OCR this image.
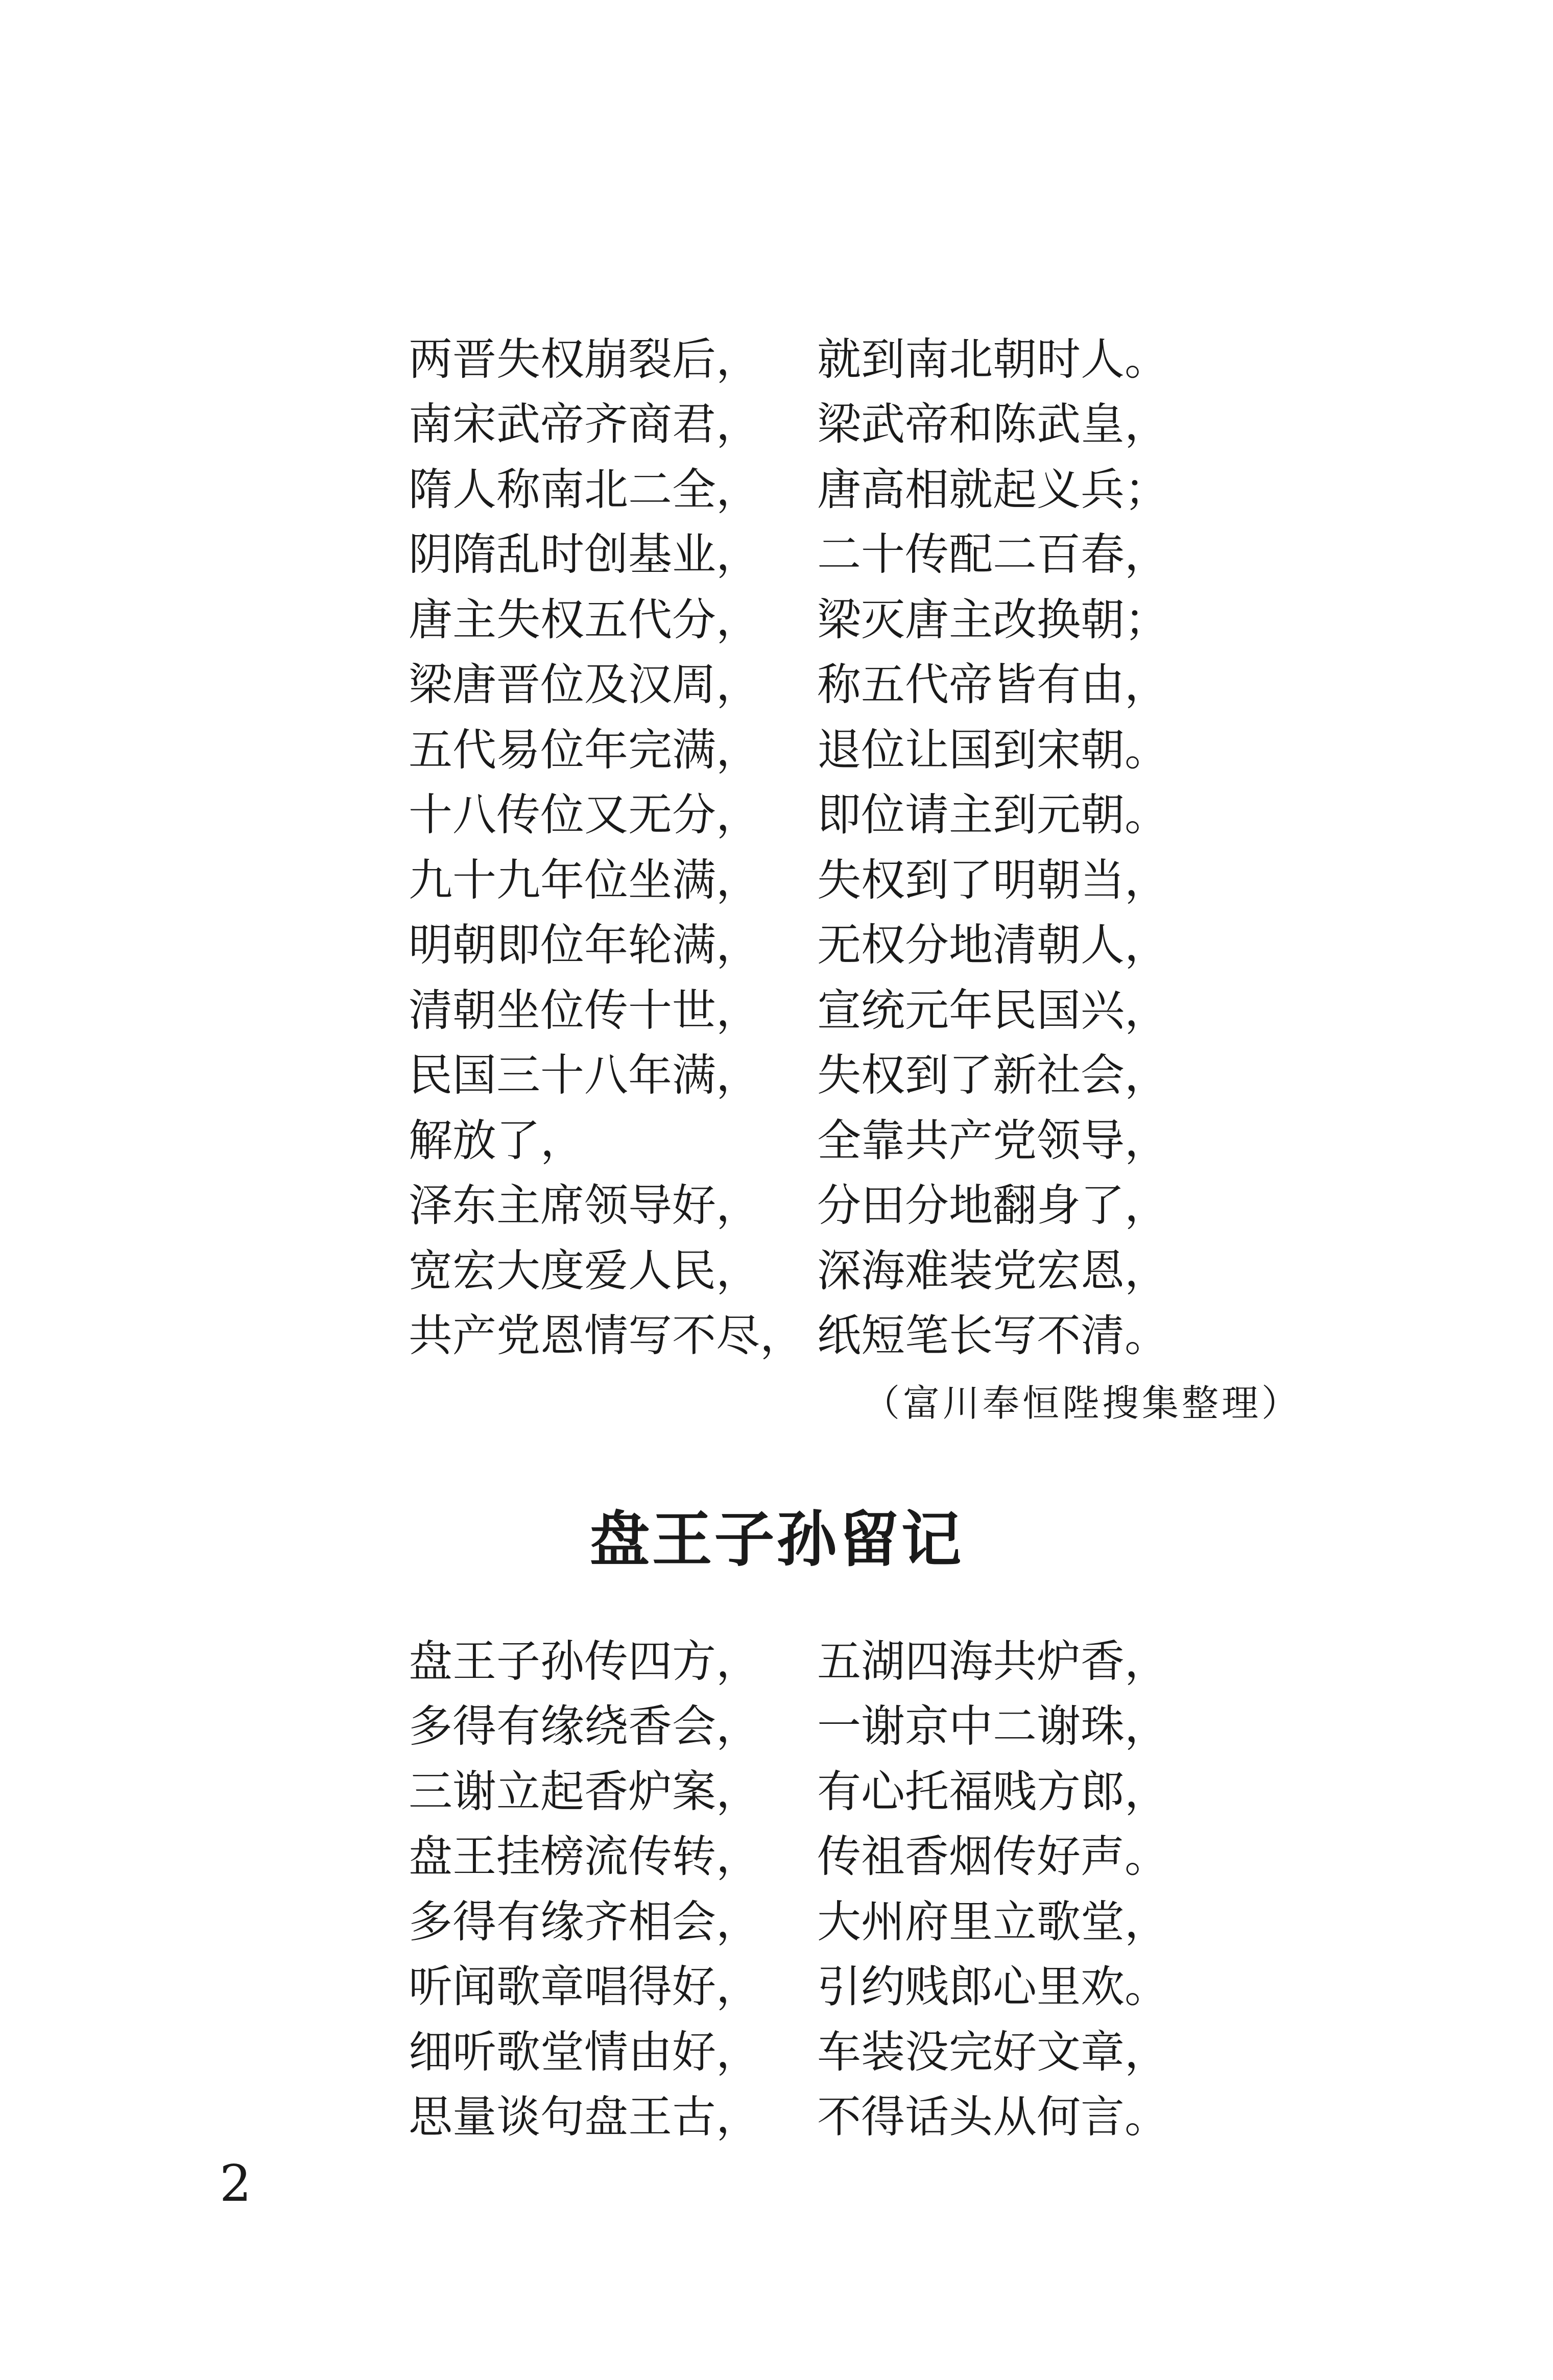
两晋失权崩裂后，	就到南北朝时人。
南宋武帝齐商君，	梁武帝和陈武皇，
隋人称南北二全，	唐高相就起义兵；
阴隋乱时创基业，	二十传配二百春，
唐主失权五代分，	梁灭唐主改换朝；
梁唐晋位及汉周，	称五代帝皆有由，
五代易位年完满，	退位让国到宋朝。
十八传位又无分，	即位请主到元朝。
九十九年位坐满，	失权到了明朝当，
明朝即位年轮满，	无权分地清朝人，
清朝坐位传十世，	宣统元年民国兴，
民国三十八年满，	失权到了新社会，
解放了，	全靠共产党领导，
泽东主席领导好，	分田分地翻身了，
宽宏大度爱人民，	深海难装党宏恩，
共产党恩情写不尽， 纸短笔长写不清。
（富川奉恒陛搜集整理）
盘王子孙留记
盘王子孙传四方，	五湖四海共炉香，
多得有缘绕香会，	一谢京中二谢珠，
三谢立起香炉案，	有心托福贱方郎，
盘王挂榜流传转，	传祖香烟传好声。
多得有缘齐相会，	大州府里立歌堂，
听闻歌章唱得好，	引约贱郎心里欢。
细听歌堂情由好，	车装没完好文章，
思量谈句盘王古，	不得话头从何言。
2
